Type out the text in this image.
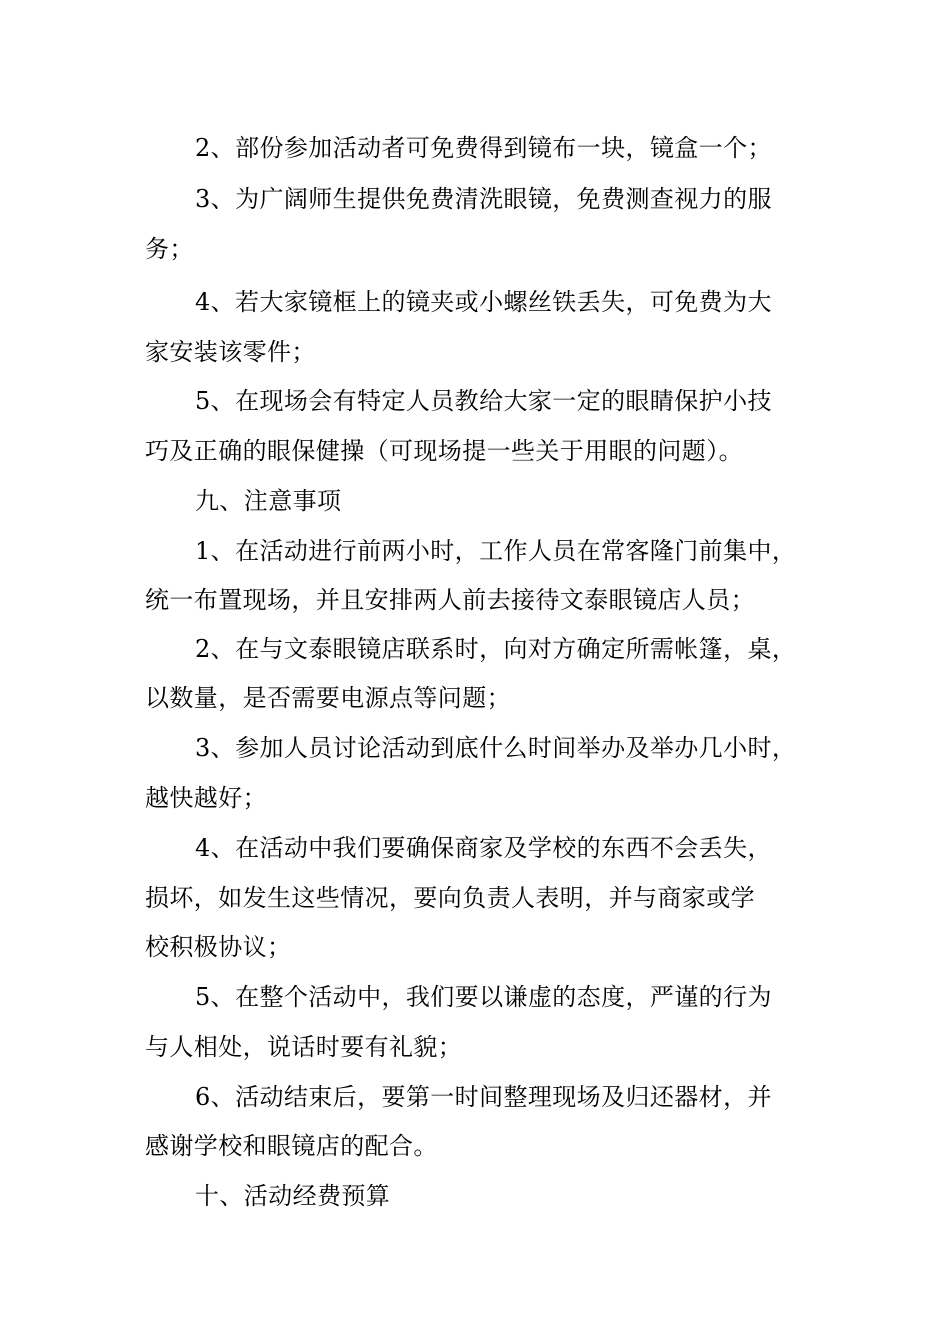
2、部份参加活动者可免费得到镜布一块，镜盒一个；
3、为广阔师生提供免费清洗眼镜，免费测查视力的服
务；
4、若大家镜框上的镜夹或小螺丝铁丢失，可免费为大
家安装该零件；
5、在现场会有特定人员教给大家一定的眼睛保护小技
巧及正确的眼保健操（可现场提一些关于用眼的问题）。
九、注意事项
1、在活动进行前两小时，工作人员在常客隆门前集中，
统一布置现场，并且安排两人前去接待文泰眼镜店人员；
2、在与文泰眼镜店联系时，向对方确定所需帐篷，桌，
以数量，是否需要电源点等问题；
3、参加人员讨论活动到底什么时间举办及举办几小时，
越快越好；
4、在活动中我们要确保商家及学校的东西不会丢失，
损坏，如发生这些情况，要向负责人表明，并与商家或学
校积极协议；
5、在整个活动中，我们要以谦虚的态度，严谨的行为
与人相处，说话时要有礼貌；
6、活动结束后，要第一时间整理现场及归还器材，并
感谢学校和眼镜店的配合。
十、活动经费预算
